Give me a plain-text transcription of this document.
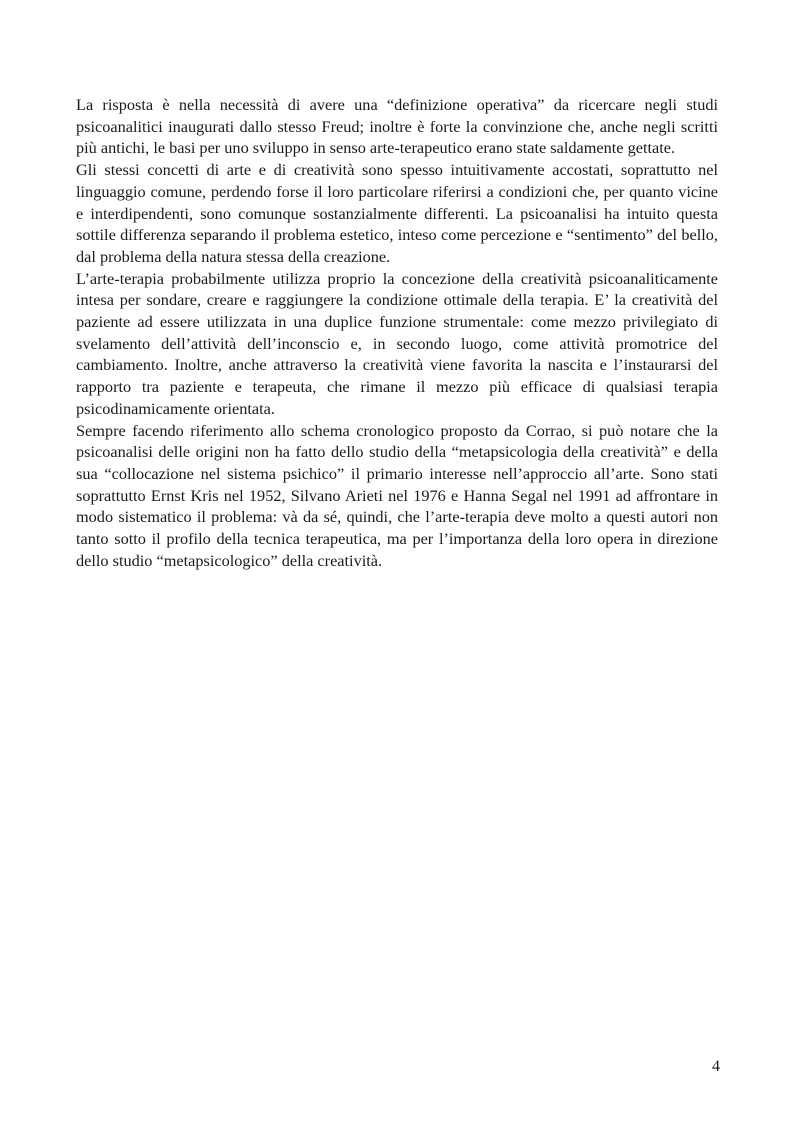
La risposta è nella necessità di avere una “definizione operativa” da ricercare negli studi psicoanalitici inaugurati dallo stesso Freud; inoltre è forte la convinzione che, anche negli scritti più antichi, le basi per uno sviluppo in senso arte-terapeutico erano state saldamente gettate.

Gli stessi concetti di arte e di creatività sono spesso intuitivamente accostati, soprattutto nel linguaggio comune, perdendo forse il loro particolare riferirsi a condizioni che, per quanto vicine e interdipendenti, sono comunque sostanzialmente differenti. La psicoanalisi ha intuito questa sottile differenza separando il problema estetico, inteso come percezione e “sentimento” del bello, dal problema della natura stessa della creazione.

L’arte-terapia probabilmente utilizza proprio la concezione della creatività psicoanaliticamente intesa per sondare, creare e raggiungere la condizione ottimale della terapia. E’ la creatività del paziente ad essere utilizzata in una duplice funzione strumentale: come mezzo privilegiato di svelamento dell’attività dell’inconscio e, in secondo luogo, come attività promotrice del cambiamento. Inoltre, anche attraverso la creatività viene favorita la nascita e l’instaurarsi del rapporto tra paziente e terapeuta, che rimane il mezzo più efficace di qualsiasi terapia psicodinamicamente orientata.

Sempre facendo riferimento allo schema cronologico proposto da Corrao, si può notare che la psicoanalisi delle origini non ha fatto dello studio della “metapsicologia della creatività” e della sua “collocazione nel sistema psichico” il primario interesse nell’approccio all’arte. Sono stati soprattutto Ernst Kris nel 1952, Silvano Arieti nel 1976 e Hanna Segal nel 1991 ad affrontare in modo sistematico il problema: và da sé, quindi, che l’arte-terapia deve molto a questi autori non tanto sotto il profilo della tecnica terapeutica, ma per l’importanza della loro opera in direzione dello studio “metapsicologico” della creatività.

4
